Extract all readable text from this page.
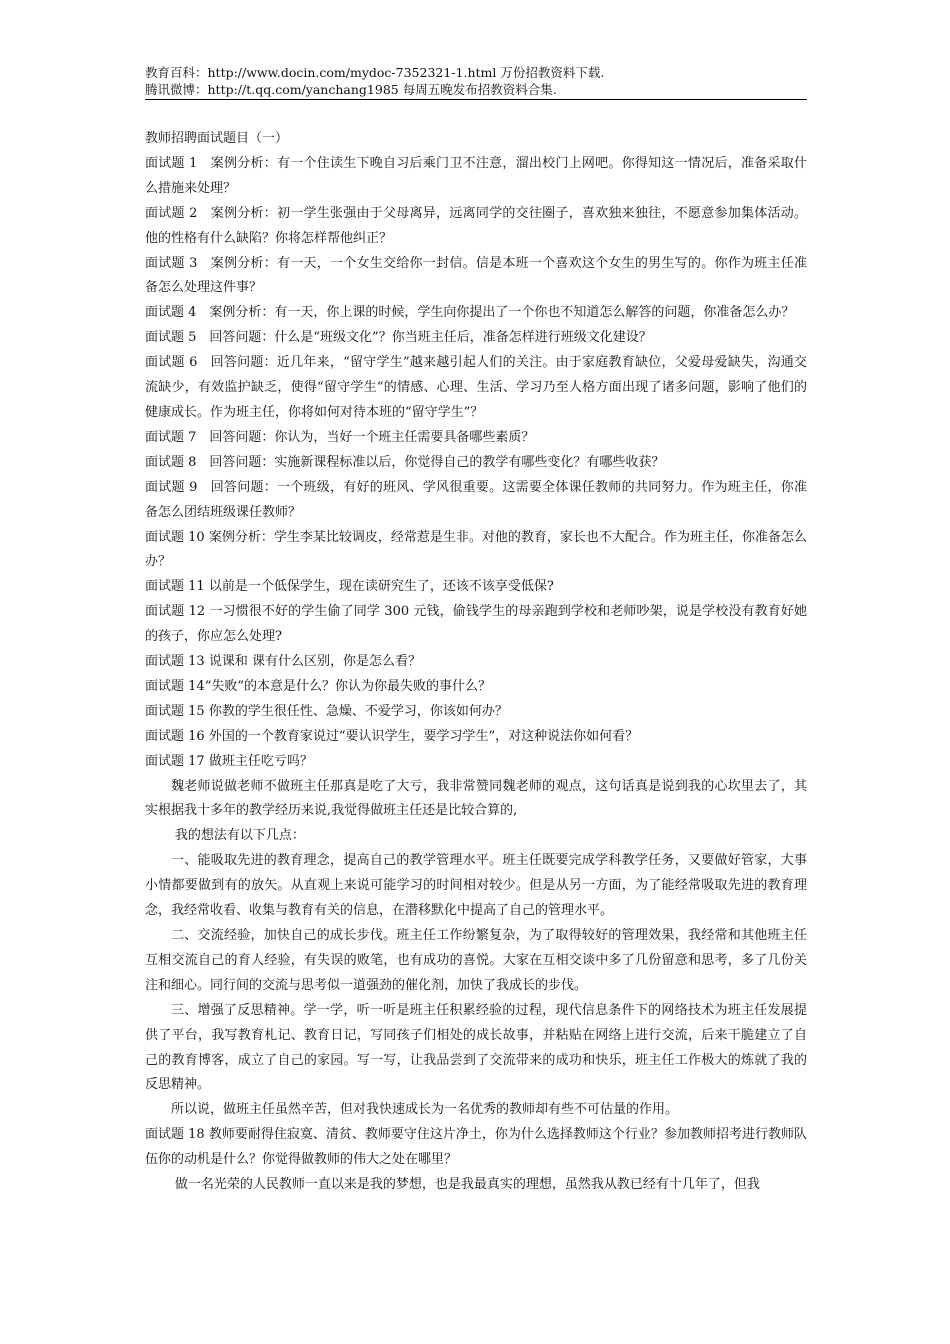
教育百科：http://www.docin.com/mydoc-7352321-1.html 万份招教资料下载.
腾讯微博：http://t.qq.com/yanchang1985 每周五晚发布招教资料合集.

教师招聘面试题目（一）

面试题 1 案例分析：有一个住读生下晚自习后乘门卫不注意，溜出校门上网吧。你得知这一情况后，准备采取什么措施来处理？

面试题 2 案例分析：初一学生张强由于父母离异，远离同学的交往圈子，喜欢独来独往，不愿意参加集体活动。他的性格有什么缺陷？你将怎样帮他纠正？

面试题 3 案例分析：有一天，一个女生交给你一封信。信是本班一个喜欢这个女生的男生写的。你作为班主任准备怎么处理这件事？

面试题 4 案例分析：有一天，你上课的时候，学生向你提出了一个你也不知道怎么解答的问题，你准备怎么办？

面试题 5 回答问题：什么是“班级文化”？你当班主任后，准备怎样进行班级文化建设？

面试题 6 回答问题：近几年来，“留守学生”越来越引起人们的关注。由于家庭教育缺位，父爱母爱缺失，沟通交流缺少，有效监护缺乏，使得“留守学生”的情感、心理、生活、学习乃至人格方面出现了诸多问题，影响了他们的健康成长。作为班主任，你将如何对待本班的“留守学生”？

面试题 7 回答问题：你认为，当好一个班主任需要具备哪些素质？

面试题 8 回答问题：实施新课程标准以后，你觉得自己的教学有哪些变化？有哪些收获？

面试题 9 回答问题：一个班级，有好的班风、学风很重要。这需要全体课任教师的共同努力。作为班主任，你准备怎么团结班级课任教师？

面试题 10 案例分析：学生李某比较调皮，经常惹是生非。对他的教育，家长也不大配合。作为班主任，你准备怎么办？

面试题 11 以前是一个低保学生，现在读研究生了，还该不该享受低保?

面试题 12 一习惯很不好的学生偷了同学 300 元钱，偷钱学生的母亲跑到学校和老师吵架，说是学校没有教育好她的孩子，你应怎么处理?

面试题 13 说课和 课有什么区别，你是怎么看？

面试题 14“失败”的本意是什么？你认为你最失败的事什么？

面试题 15 你教的学生很任性、急燥、不爱学习，你该如何办？

面试题 16 外国的一个教育家说过“要认识学生，要学习学生”，对这种说法你如何看？

面试题 17 做班主任吃亏吗？

魏老师说做老师不做班主任那真是吃了大亏，我非常赞同魏老师的观点，这句话真是说到我的心坎里去了，其实根据我十多年的教学经历来说,我觉得做班主任还是比较合算的,

我的想法有以下几点：

一、能吸取先进的教育理念，提高自己的教学管理水平。班主任既要完成学科教学任务，又要做好管家，大事小情都要做到有的放矢。从直观上来说可能学习的时间相对较少。但是从另一方面，为了能经常吸取先进的教育理念，我经常收看、收集与教育有关的信息，在潜移默化中提高了自己的管理水平。

二、交流经验，加快自己的成长步伐。班主任工作纷繁复杂，为了取得较好的管理效果，我经常和其他班主任互相交流自己的育人经验，有失误的败笔，也有成功的喜悦。大家在互相交谈中多了几份留意和思考，多了几份关注和细心。同行间的交流与思考似一道强劲的催化剂，加快了我成长的步伐。

三、增强了反思精神。学一学，听一听是班主任积累经验的过程，现代信息条件下的网络技术为班主任发展提供了平台，我写教育札记、教育日记，写同孩子们相处的成长故事，并粘贴在网络上进行交流，后来干脆建立了自己的教育博客，成立了自己的家园。写一写，让我品尝到了交流带来的成功和快乐，班主任工作极大的炼就了我的反思精神。

所以说，做班主任虽然辛苦，但对我快速成长为一名优秀的教师却有些不可估量的作用。

面试题 18 教师要耐得住寂寞、清贫、教师要守住这片净土，你为什么选择教师这个行业？参加教师招考进行教师队伍你的动机是什么？你觉得做教师的伟大之处在哪里？

做一名光荣的人民教师一直以来是我的梦想，也是我最真实的理想，虽然我从教已经有十几年了，但我
